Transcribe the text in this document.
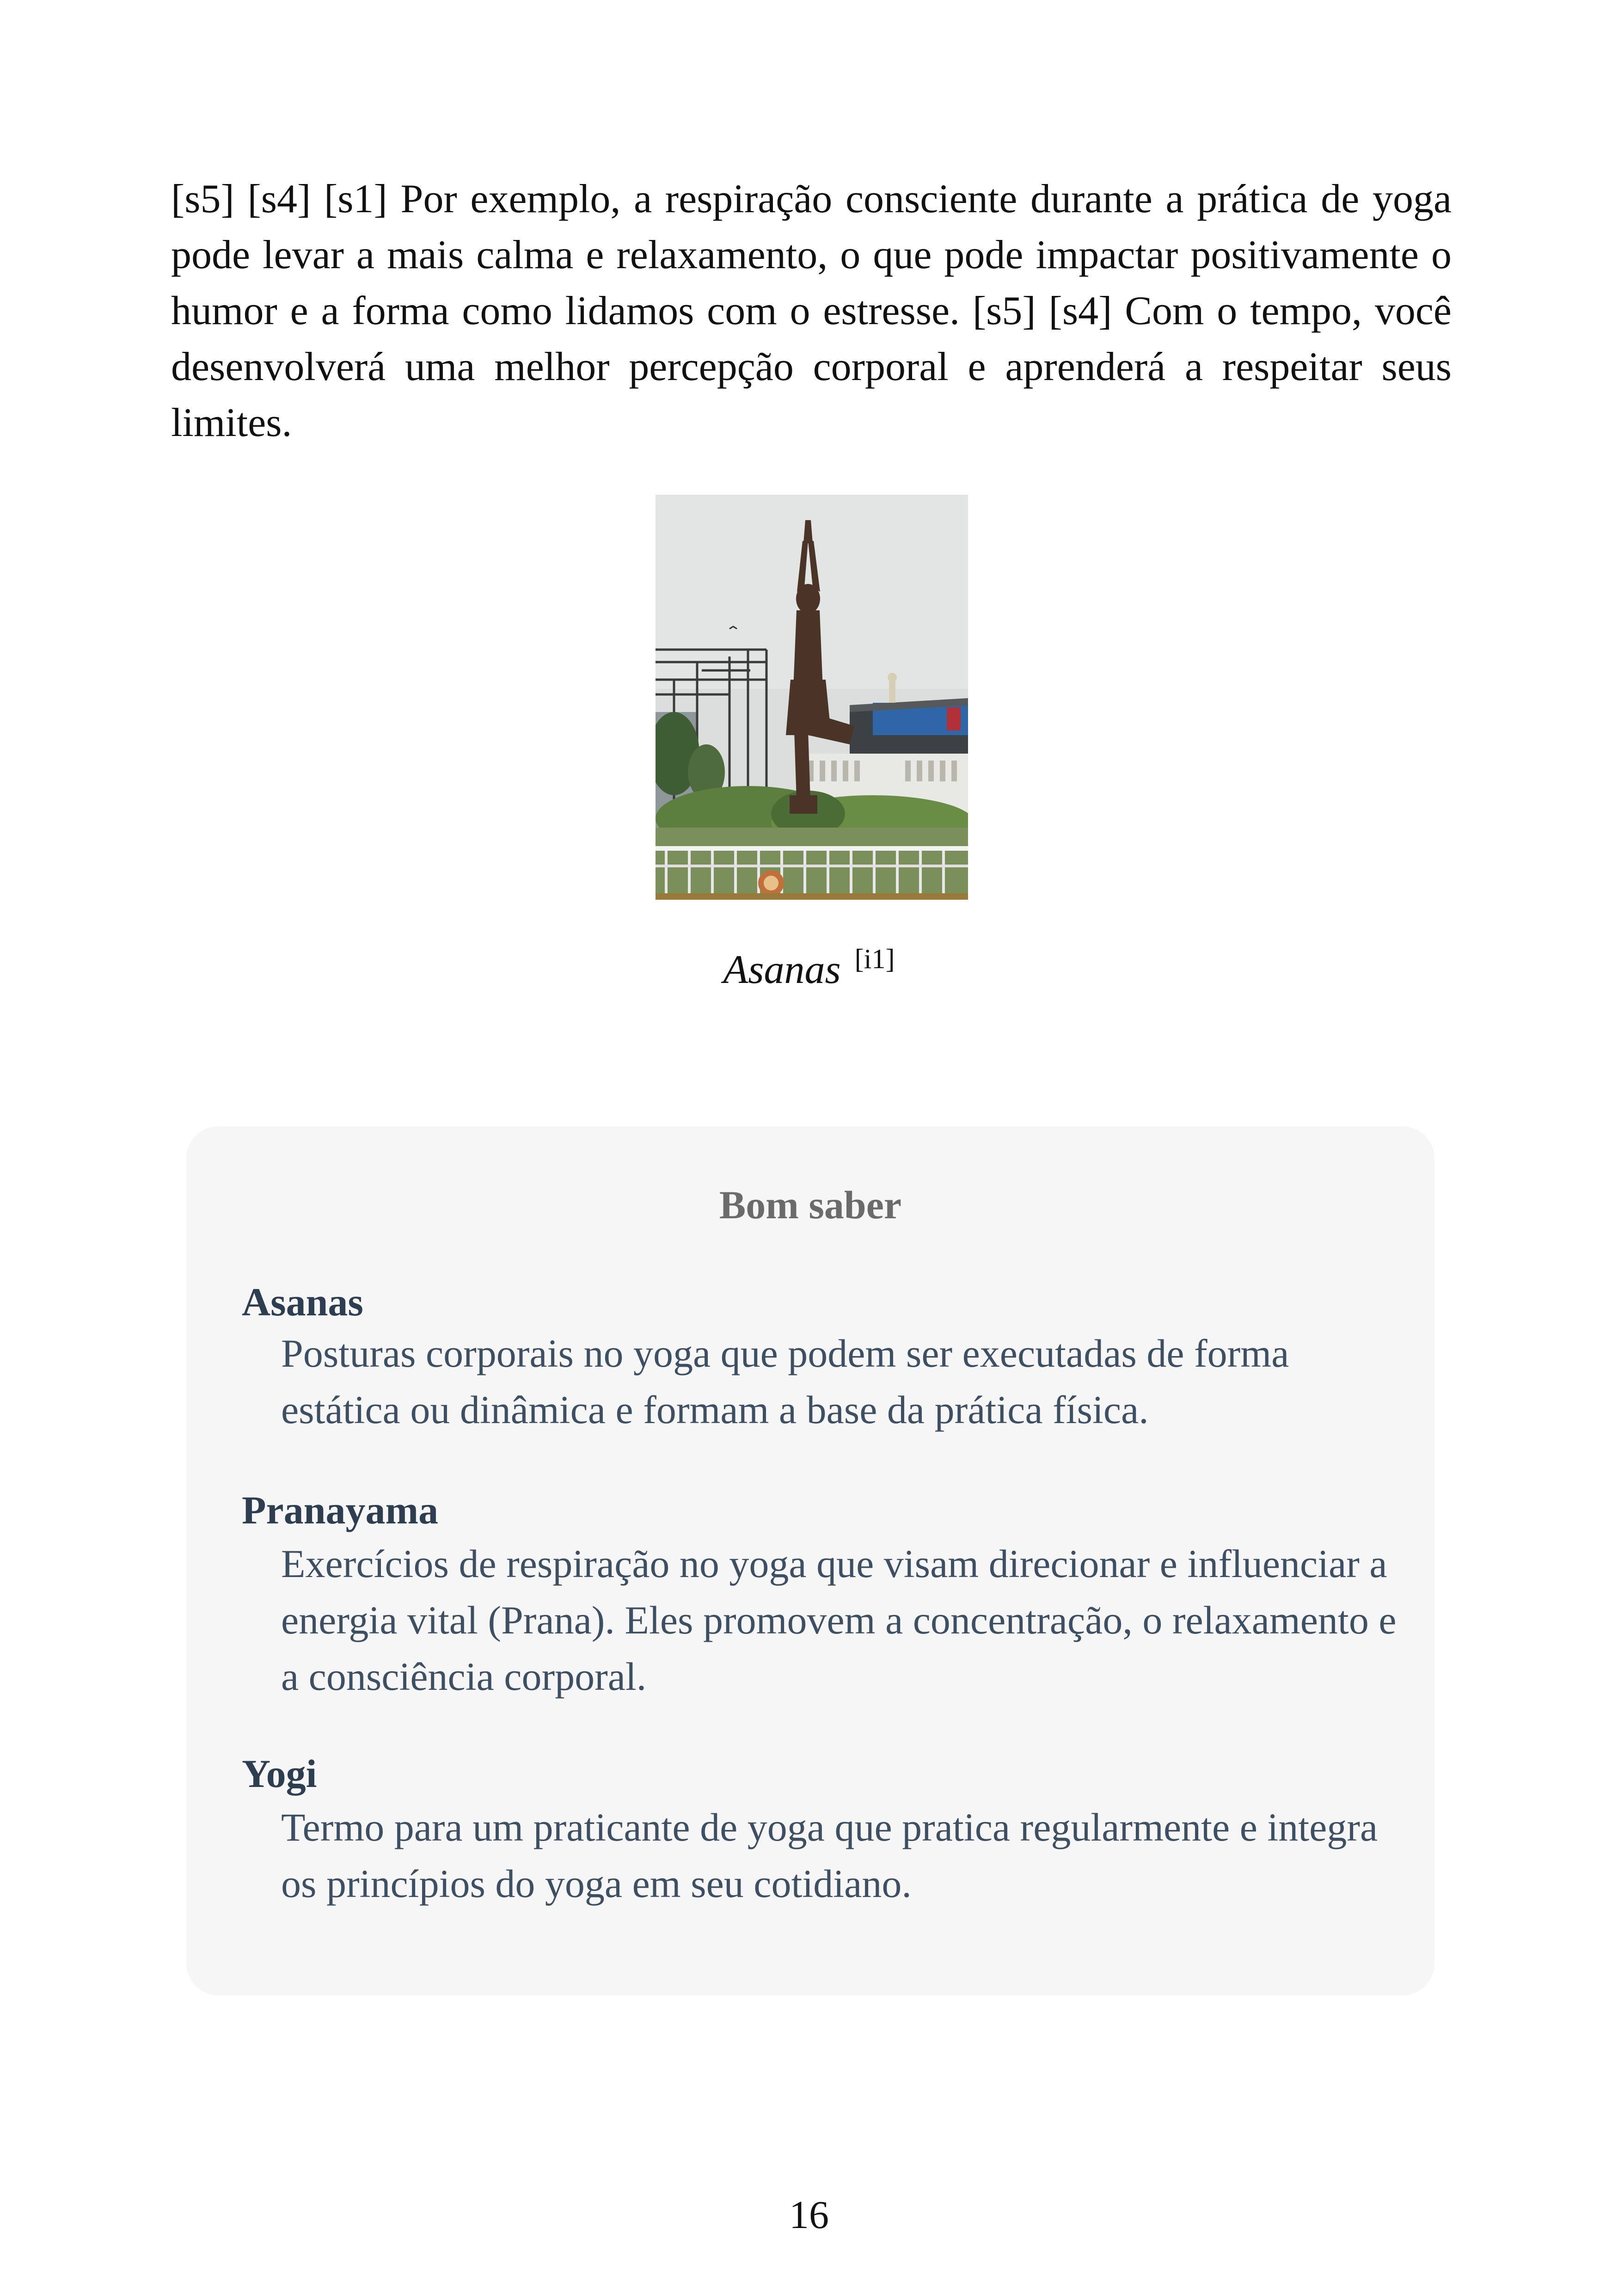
[s5] [s4] [s1] Por exemplo, a respiração consciente durante a prática de yoga pode levar a mais calma e relaxamento, o que pode impactar positivamente o humor e a forma como lidamos com o estresse. [s5] [s4] Com o tempo, você desenvolverá uma melhor percepção corporal e aprenderá a respeitar seus limites.

Asanas [i1]

Bom saber

Asanas

Posturas corporais no yoga que podem ser executadas de forma estática ou dinâmica e formam a base da prática física.

Pranayama

Exercícios de respiração no yoga que visam direcionar e influenciar a energia vital (Prana). Eles promovem a concentração, o relaxamento e a consciência corporal.

Yogi

Termo para um praticante de yoga que pratica regularmente e integra os princípios do yoga em seu cotidiano.

16
